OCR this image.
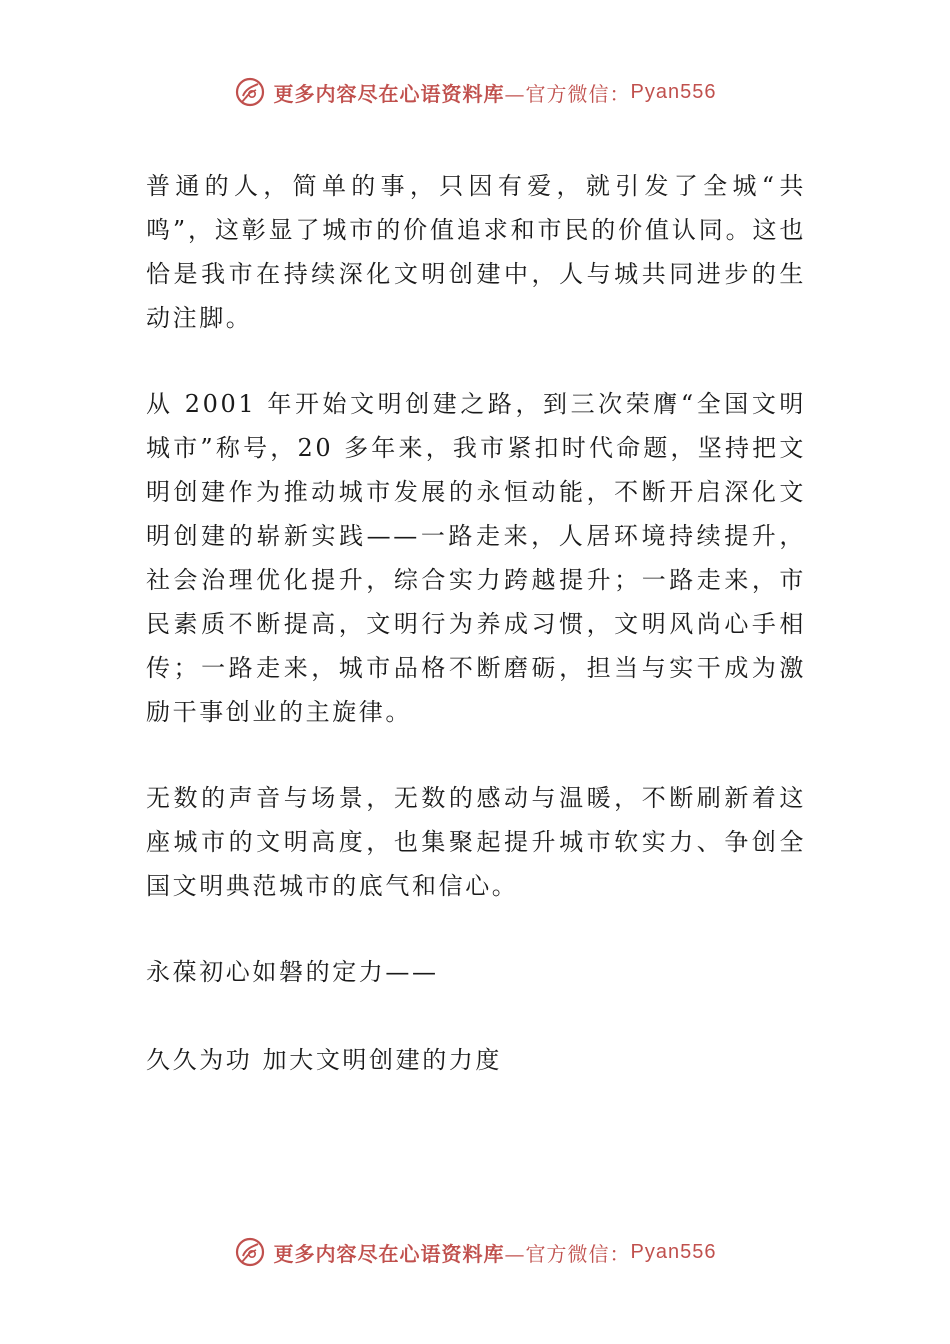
更多内容尽在心语资料库 —官方微信： Pyan556

普通的人，简单的事，只因有爱，就引发了全城“共鸣”，这彰显了城市的价值追求和市民的价值认同。这也恰是我市在持续深化文明创建中，人与城共同进步的生动注脚。

从 2001 年开始文明创建之路，到三次荣膺“全国文明城市”称号，20 多年来，我市紧扣时代命题，坚持把文明创建作为推动城市发展的永恒动能，不断开启深化文明创建的崭新实践——一路走来，人居环境持续提升，社会治理优化提升，综合实力跨越提升；一路走来，市民素质不断提高，文明行为养成习惯，文明风尚心手相传；一路走来，城市品格不断磨砺，担当与实干成为激励干事创业的主旋律。

无数的声音与场景，无数的感动与温暖，不断刷新着这座城市的文明高度，也集聚起提升城市软实力、争创全国文明典范城市的底气和信心。

永葆初心如磐的定力——

久久为功 加大文明创建的力度

更多内容尽在心语资料库 —官方微信： Pyan556
